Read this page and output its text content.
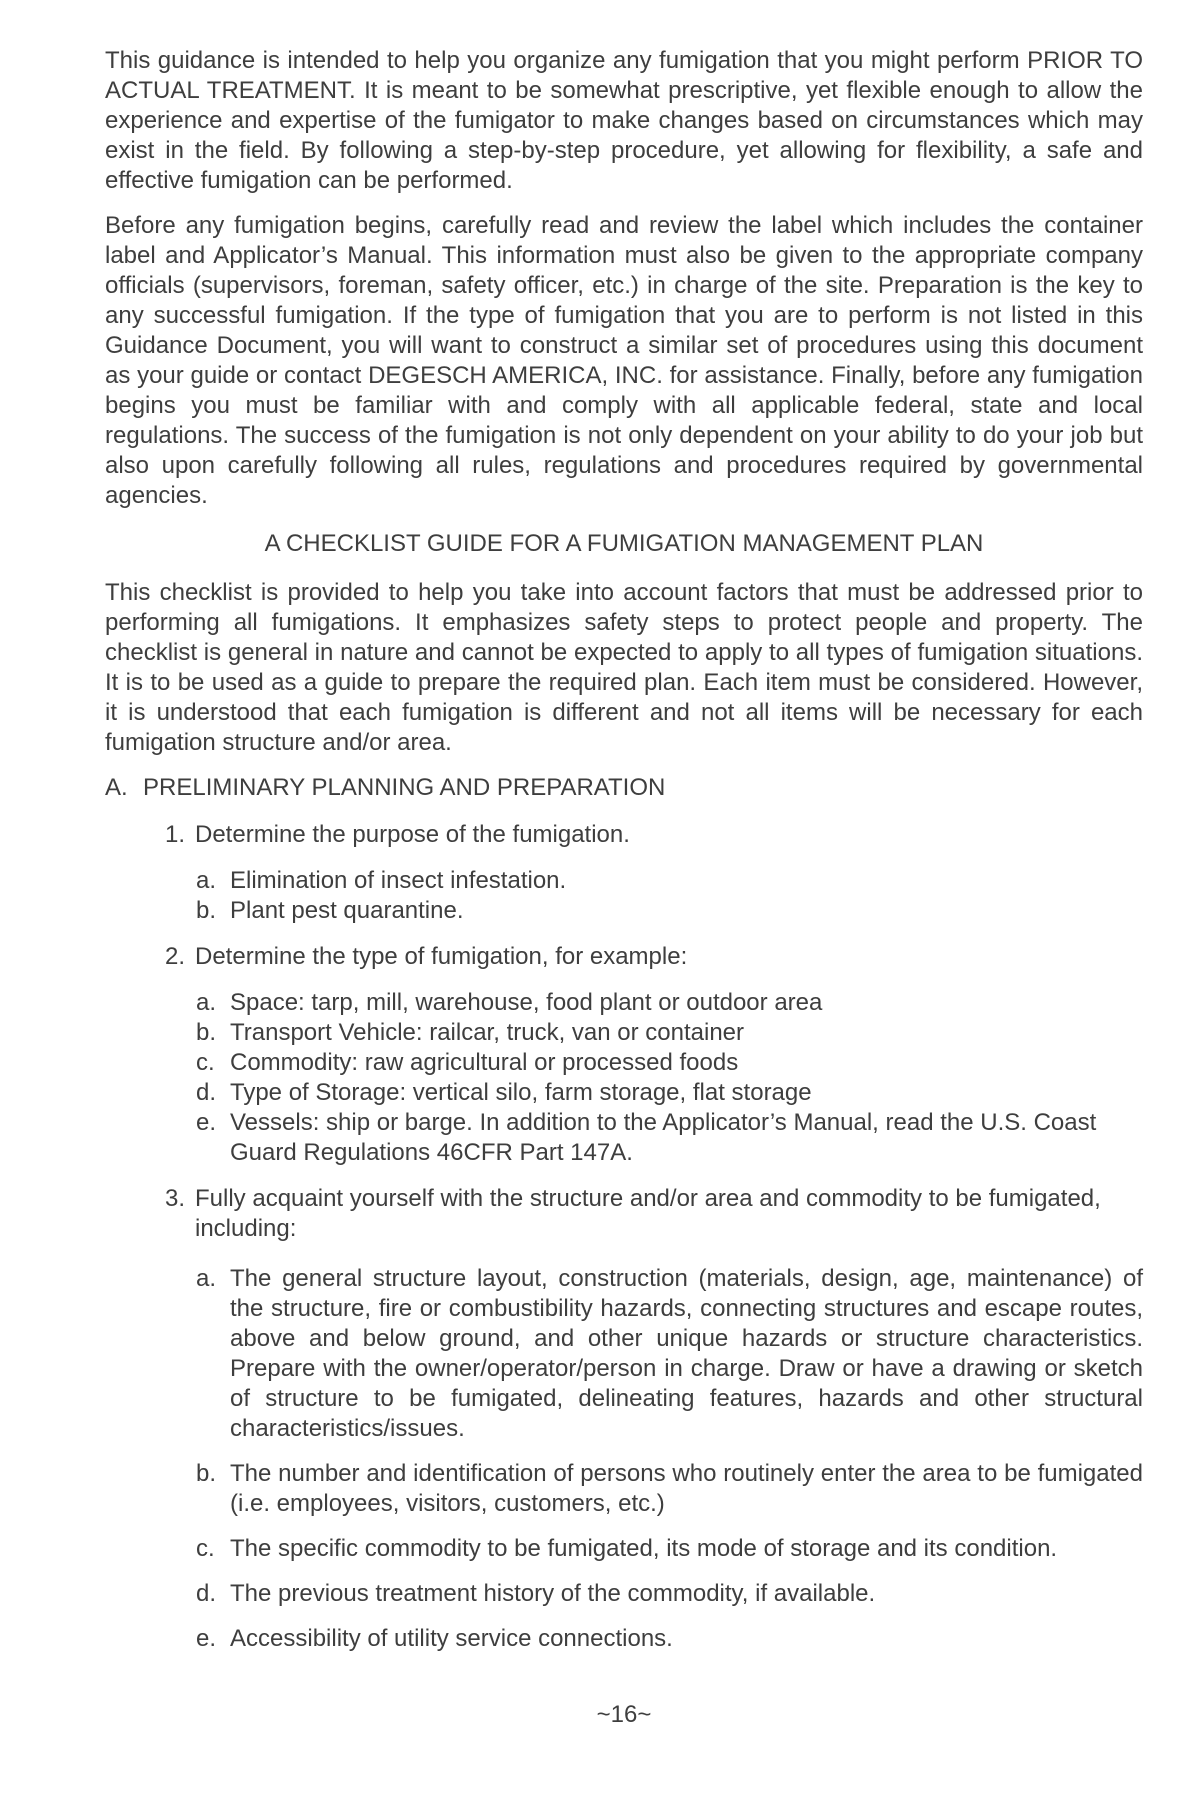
This guidance is intended to help you organize any fumigation that you might perform PRIOR TO ACTUAL TREATMENT. It is meant to be somewhat prescriptive, yet flexible enough to allow the experience and expertise of the fumigator to make changes based on circumstances which may exist in the field. By following a step-by-step procedure, yet allowing for flexibility, a safe and effective fumigation can be performed.

Before any fumigation begins, carefully read and review the label which includes the container label and Applicator’s Manual. This information must also be given to the appropriate company officials (supervisors, foreman, safety officer, etc.) in charge of the site. Preparation is the key to any successful fumigation. If the type of fumigation that you are to perform is not listed in this Guidance Document, you will want to construct a similar set of procedures using this document as your guide or contact DEGESCH AMERICA, INC. for assistance. Finally, before any fumigation begins you must be familiar with and comply with all applicable federal, state and local regulations. The success of the fumigation is not only dependent on your ability to do your job but also upon carefully following all rules, regulations and procedures required by governmental agencies.

A CHECKLIST GUIDE FOR A FUMIGATION MANAGEMENT PLAN

This checklist is provided to help you take into account factors that must be addressed prior to performing all fumigations. It emphasizes safety steps to protect people and property. The checklist is general in nature and cannot be expected to apply to all types of fumigation situations. It is to be used as a guide to prepare the required plan. Each item must be considered. However, it is understood that each fumigation is different and not all items will be necessary for each fumigation structure and/or area.

A. PRELIMINARY PLANNING AND PREPARATION
1. Determine the purpose of the fumigation.
a. Elimination of insect infestation.
b. Plant pest quarantine.
2. Determine the type of fumigation, for example:
a. Space: tarp, mill, warehouse, food plant or outdoor area
b. Transport Vehicle: railcar, truck, van or container
c. Commodity: raw agricultural or processed foods
d. Type of Storage: vertical silo, farm storage, flat storage
e. Vessels: ship or barge. In addition to the Applicator’s Manual, read the U.S. Coast Guard Regulations 46CFR Part 147A.
3. Fully acquaint yourself with the structure and/or area and commodity to be fumigated, including:
a. The general structure layout, construction (materials, design, age, maintenance) of the structure, fire or combustibility hazards, connecting structures and escape routes, above and below ground, and other unique hazards or structure characteristics. Prepare with the owner/operator/person in charge. Draw or have a drawing or sketch of structure to be fumigated, delineating features, hazards and other structural characteristics/issues.
b. The number and identification of persons who routinely enter the area to be fumigated (i.e. employees, visitors, customers, etc.)
c. The specific commodity to be fumigated, its mode of storage and its condition.
d. The previous treatment history of the commodity, if available.
e. Accessibility of utility service connections.
~16~
